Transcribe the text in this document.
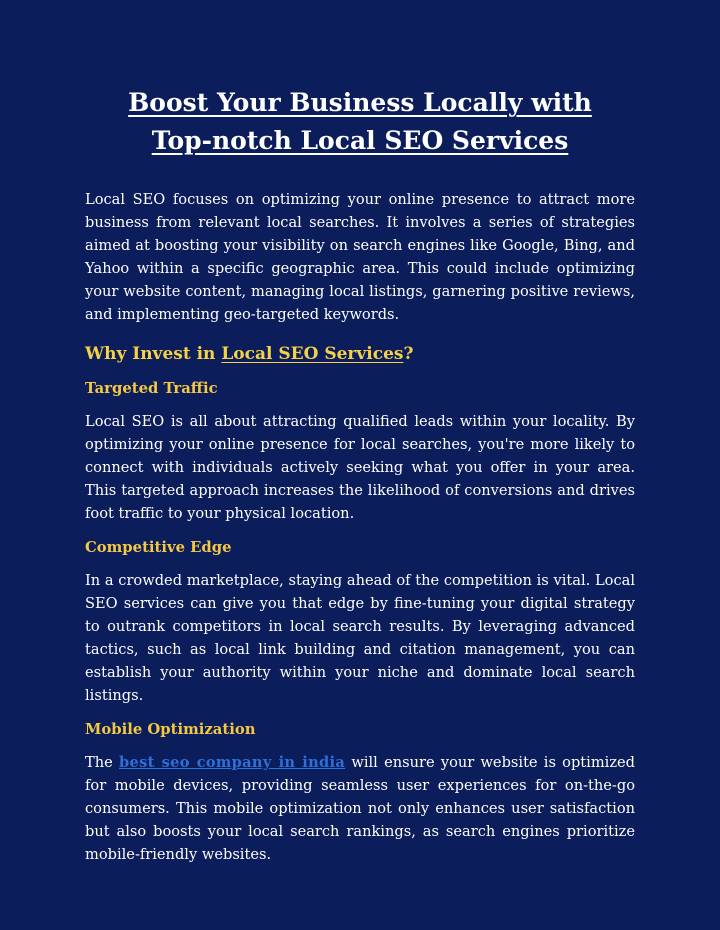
Boost Your Business Locally with Top-notch Local SEO Services

Local SEO focuses on optimizing your online presence to attract more business from relevant local searches. It involves a series of strategies aimed at boosting your visibility on search engines like Google, Bing, and Yahoo within a specific geographic area. This could include optimizing your website content, managing local listings, garnering positive reviews, and implementing geo-targeted keywords.

Why Invest in Local SEO Services?
Targeted Traffic

Local SEO is all about attracting qualified leads within your locality. By optimizing your online presence for local searches, you're more likely to connect with individuals actively seeking what you offer in your area. This targeted approach increases the likelihood of conversions and drives foot traffic to your physical location.

Competitive Edge

In a crowded marketplace, staying ahead of the competition is vital. Local SEO services can give you that edge by fine-tuning your digital strategy to outrank competitors in local search results. By leveraging advanced tactics, such as local link building and citation management, you can establish your authority within your niche and dominate local search listings.

Mobile Optimization

The best seo company in india will ensure your website is optimized for mobile devices, providing seamless user experiences for on-the-go consumers. This mobile optimization not only enhances user satisfaction but also boosts your local search rankings, as search engines prioritize mobile-friendly websites.
